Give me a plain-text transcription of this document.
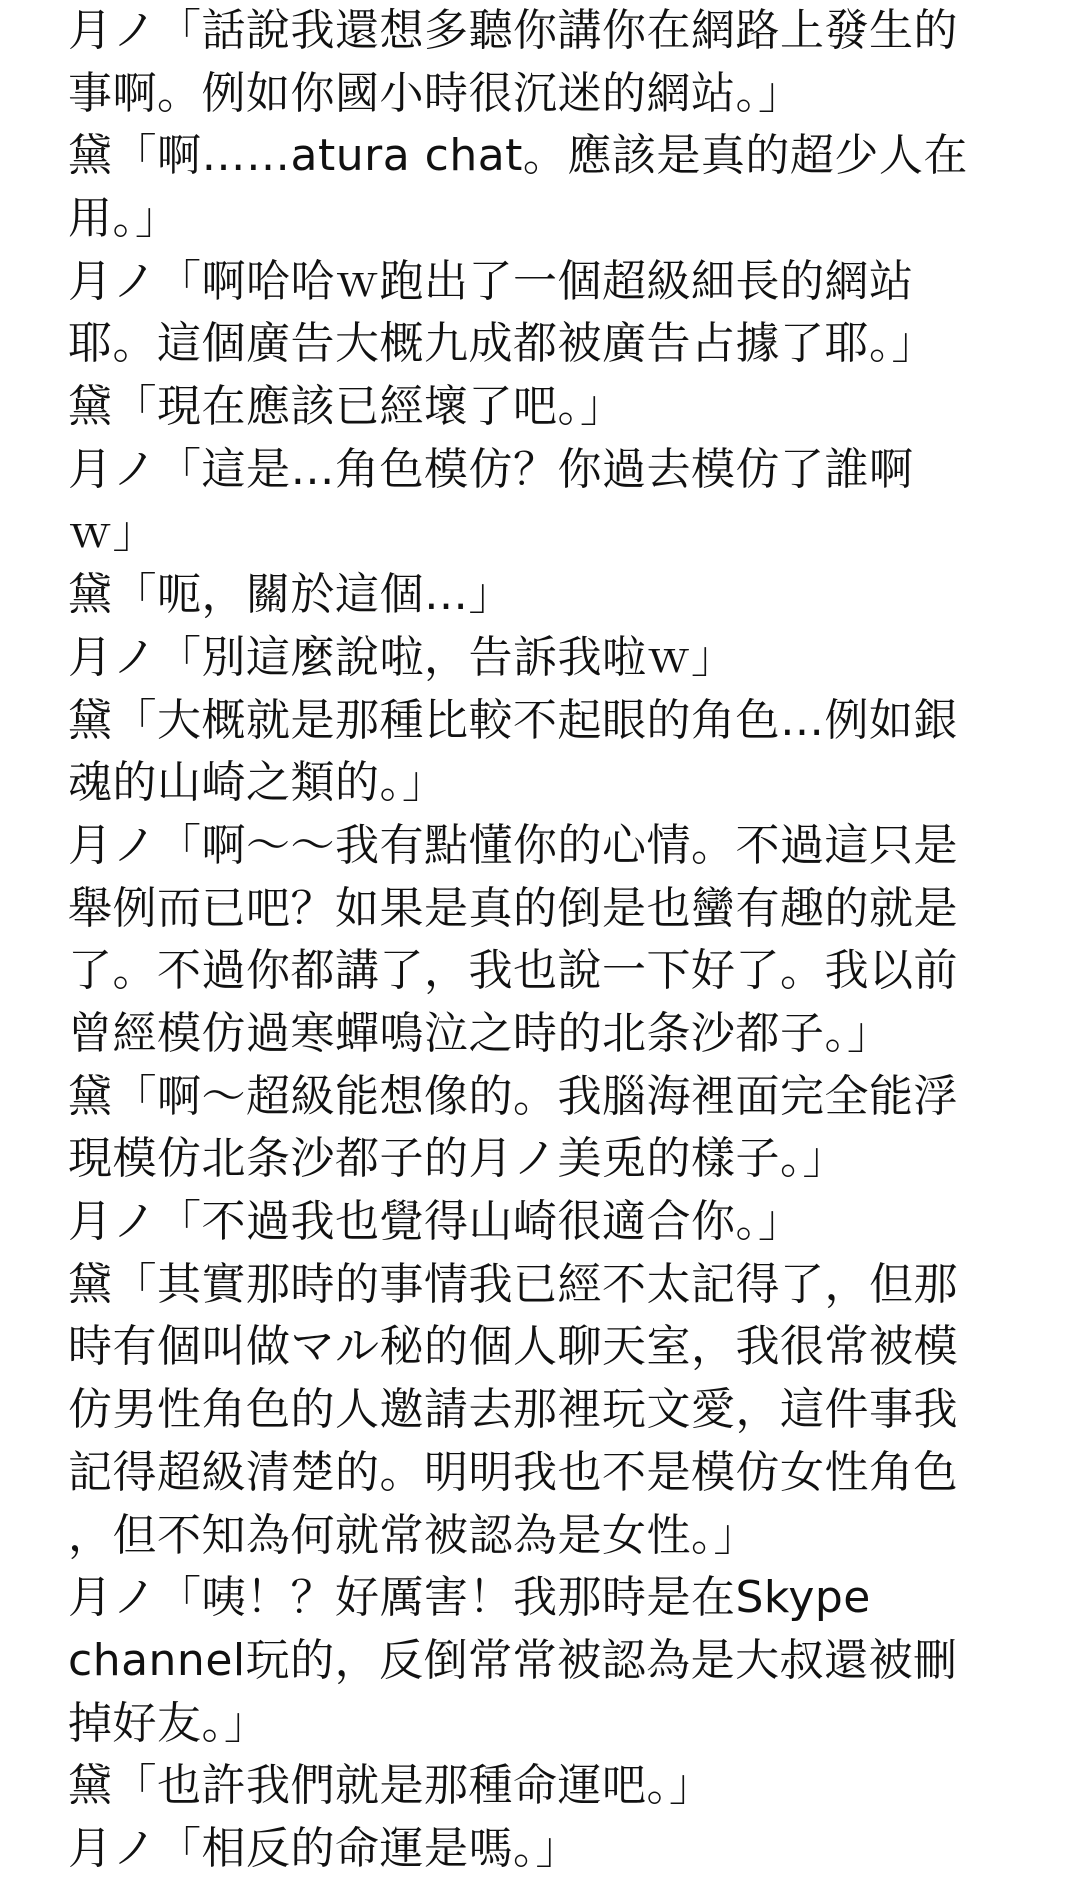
月ノ「話說我還想多聽你講你在網路上發生的
事啊。例如你國小時很沉迷的網站。」
黛「啊……atura chat。應該是真的超少人在
用。」
月ノ「啊哈哈ｗ跑出了一個超級細長的網站
耶。這個廣告大概九成都被廣告占據了耶。」
黛「現在應該已經壞了吧。」
月ノ「這是…角色模仿？你過去模仿了誰啊
ｗ」
黛「呃，關於這個…」
月ノ「別這麼說啦，告訴我啦ｗ」
黛「大概就是那種比較不起眼的角色…例如銀
魂的山崎之類的。」
月ノ「啊～～我有點懂你的心情。不過這只是
舉例而已吧？如果是真的倒是也蠻有趣的就是
了。不過你都講了，我也說一下好了。我以前
曾經模仿過寒蟬鳴泣之時的北条沙都子。」
黛「啊～超級能想像的。我腦海裡面完全能浮
現模仿北条沙都子的月ノ美兎的樣子。」
月ノ「不過我也覺得山崎很適合你。」
黛「其實那時的事情我已經不太記得了，但那
時有個叫做マル秘的個人聊天室，我很常被模
仿男性角色的人邀請去那裡玩文愛，這件事我
記得超級清楚的。明明我也不是模仿女性角色
，但不知為何就常被認為是女性。」
月ノ「咦！？好厲害！我那時是在Skype
channel玩的，反倒常常被認為是大叔還被刪
掉好友。」
黛「也許我們就是那種命運吧。」
月ノ「相反的命運是嗎。」
